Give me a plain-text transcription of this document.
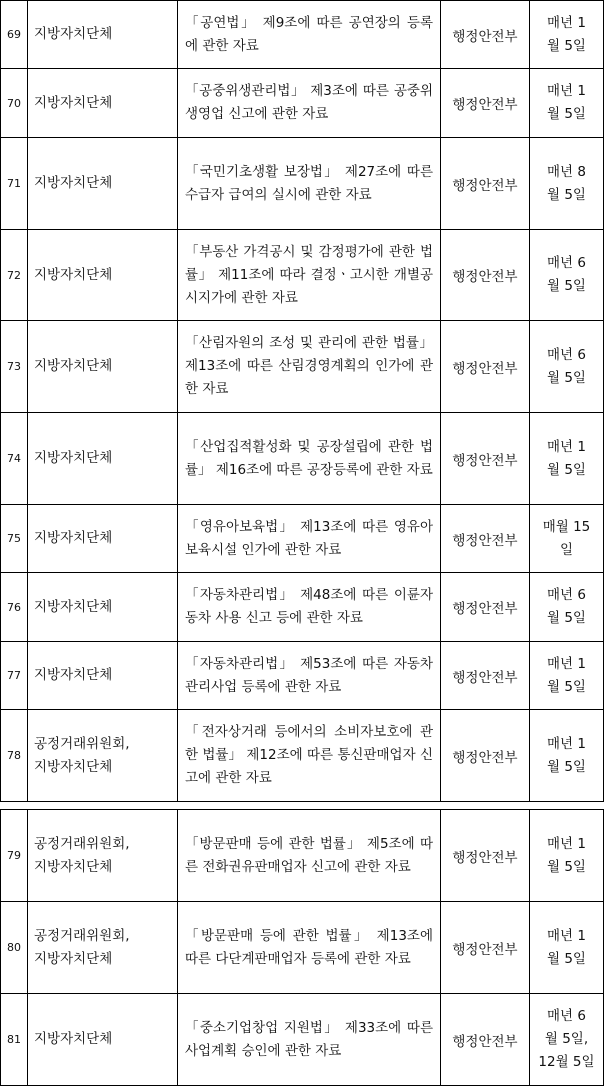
69	지방자치단체	「공연법」 제9조에 따른 공연장의 등록에 관한 자료	행정안전부	매년 1
월 5일

70	지방자치단체	「공중위생관리법」 제3조에 따른 공중위생영업 신고에 관한 자료	행정안전부	매년 1
월 5일

71	지방자치단체	「국민기초생활 보장법」 제27조에 따른 수급자 급여의 실시에 관한 자료	행정안전부	매년 8
월 5일

72	지방자치단체	「부동산 가격공시 및 감정평가에 관한 법률」 제11조에 따라 결정ㆍ고시한 개별공시지가에 관한 자료	행정안전부	매년 6
월 5일

73	지방자치단체	「산림자원의 조성 및 관리에 관한 법률」 제13조에 따른 산림경영계획의 인가에 관한 자료	행정안전부	매년 6
월 5일

74	지방자치단체	「산업집적활성화 및 공장설립에 관한 법률」 제16조에 따른 공장등록에 관한 자료	행정안전부	매년 1
월 5일

75	지방자치단체	「영유아보육법」 제13조에 따른 영유아보육시설 인가에 관한 자료	행정안전부	매월 15
일

76	지방자치단체	「자동차관리법」 제48조에 따른 이륜자동차 사용 신고 등에 관한 자료	행정안전부	매년 6
월 5일

77	지방자치단체	「자동차관리법」 제53조에 따른 자동차관리사업 등록에 관한 자료	행정안전부	매년 1
월 5일

78	공정거래위원회,
지방자치단체	「전자상거래 등에서의 소비자보호에 관한 법률」 제12조에 따른 통신판매업자 신고에 관한 자료	행정안전부	매년 1
월 5일
79	공정거래위원회,
지방자치단체	「방문판매 등에 관한 법률」 제5조에 따른 전화권유판매업자 신고에 관한 자료	행정안전부	매년 1
월 5일

80	공정거래위원회,
지방자치단체	「방문판매 등에 관한 법률」 제13조에 따른 다단계판매업자 등록에 관한 자료	행정안전부	매년 1
월 5일

81	지방자치단체	「중소기업창업 지원법」 제33조에 따른 사업계획 승인에 관한 자료	행정안전부	매년 6
월 5일,
12월 5일
